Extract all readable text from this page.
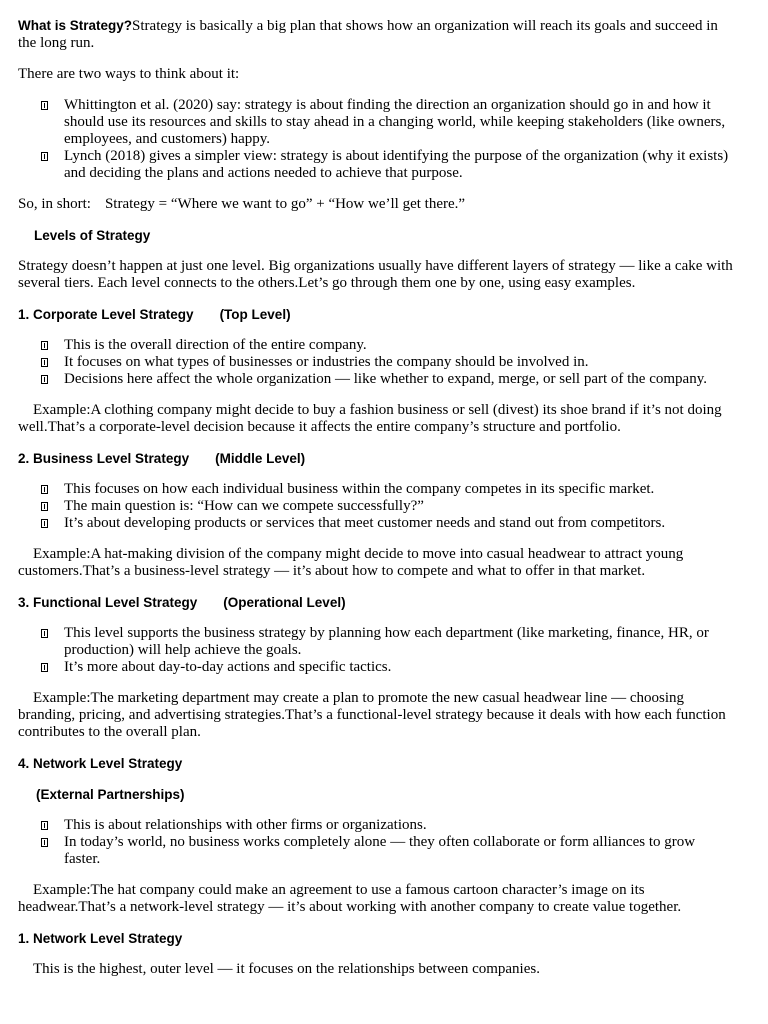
What is Strategy?Strategy is basically a big plan that shows how an organization will reach its goals and succeed in the long run.

There are two ways to think about it:

Whittington et al. (2020) say: strategy is about finding the direction an organization should go in and how it should use its resources and skills to stay ahead in a changing world, while keeping stakeholders (like owners, employees, and customers) happy.
Lynch (2018) gives a simpler view: strategy is about identifying the purpose of the organization (why it exists) and deciding the plans and actions needed to achieve that purpose.

So, in short: Strategy = “Where we want to go” + “How we’ll get there.”

Levels of Strategy

Strategy doesn’t happen at just one level. Big organizations usually have different layers of strategy — like a cake with several tiers. Each level connects to the others.Let’s go through them one by one, using easy examples.

1. Corporate Level Strategy (Top Level)

This is the overall direction of the entire company.
It focuses on what types of businesses or industries the company should be involved in.
Decisions here affect the whole organization — like whether to expand, merge, or sell part of the company.

Example:A clothing company might decide to buy a fashion business or sell (divest) its shoe brand if it’s not doing well.That’s a corporate-level decision because it affects the entire company’s structure and portfolio.

2. Business Level Strategy (Middle Level)

This focuses on how each individual business within the company competes in its specific market.
The main question is: “How can we compete successfully?”
It’s about developing products or services that meet customer needs and stand out from competitors.

Example:A hat-making division of the company might decide to move into casual headwear to attract young customers.That’s a business-level strategy — it’s about how to compete and what to offer in that market.

3. Functional Level Strategy (Operational Level)

This level supports the business strategy by planning how each department (like marketing, finance, HR, or production) will help achieve the goals.
It’s more about day-to-day actions and specific tactics.

Example:The marketing department may create a plan to promote the new casual headwear line — choosing branding, pricing, and advertising strategies.That’s a functional-level strategy because it deals with how each function contributes to the overall plan.

4. Network Level Strategy

(External Partnerships)

This is about relationships with other firms or organizations.
In today’s world, no business works completely alone — they often collaborate or form alliances to grow faster.

Example:The hat company could make an agreement to use a famous cartoon character’s image on its headwear.That’s a network-level strategy — it’s about working with another company to create value together.

1. Network Level Strategy

This is the highest, outer level — it focuses on the relationships between companies.
